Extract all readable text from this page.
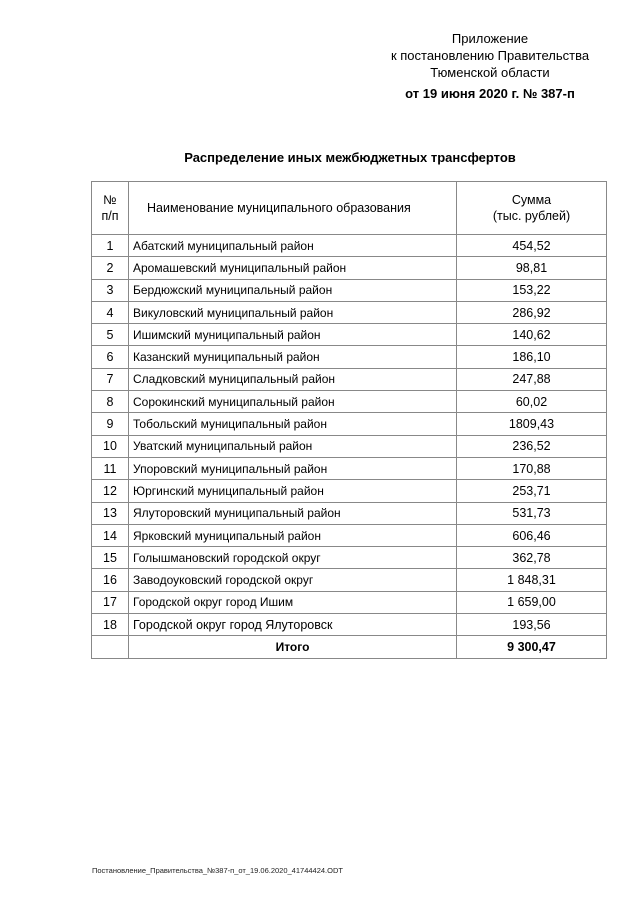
Приложение
к постановлению Правительства
Тюменской области
от 19 июня 2020 г. № 387-п
Распределение иных межбюджетных трансфертов
№
п/п	Наименование муниципального образования	Сумма
(тыс. рублей)
1	Абатский муниципальный район	454,52
2	Аромашевский муниципальный район	98,81
3	Бердюжский муниципальный район	153,22
4	Викуловский муниципальный район	286,92
5	Ишимский муниципальный район	140,62
6	Казанский муниципальный район	186,10
7	Сладковский муниципальный район	247,88
8	Сорокинский муниципальный район	60,02
9	Тобольский муниципальный район	1809,43
10	Уватский муниципальный район	236,52
11	Упоровский муниципальный район	170,88
12	Юргинский муниципальный район	253,71
13	Ялуторовский муниципальный район	531,73
14	Ярковский муниципальный район	606,46
15	Голышмановский городской округ	362,78
16	Заводоуковский городской округ	1 848,31
17	Городской округ город Ишим	1 659,00
18	Городской округ город Ялуторовск	193,56
	Итого	9 300,47
Постановление_Правительства_№387-п_от_19.06.2020_41744424.ODT
